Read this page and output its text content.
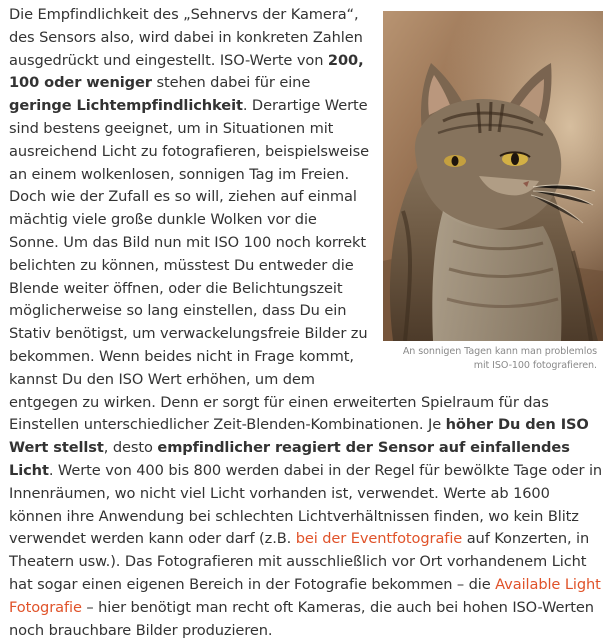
An sonnigen Tagen kann man problemlos
mit ISO-100 fotografieren.

Die Empfindlichkeit des „Sehnervs der Kamera“, des Sensors also, wird dabei in konkreten Zahlen ausgedrückt und eingestellt. ISO-Werte von 200, 100 oder weniger stehen dabei für eine geringe Lichtempfindlichkeit. Derartige Werte sind bestens geeignet, um in Situationen mit ausreichend Licht zu fotografieren, beispielsweise an einem wolkenlosen, sonnigen Tag im Freien. Doch wie der Zufall es so will, ziehen auf einmal mächtig viele große dunkle Wolken vor die Sonne. Um das Bild nun mit ISO 100 noch korrekt belichten zu können, müsstest Du entweder die Blende weiter öffnen, oder die Belichtungszeit möglicherweise so lang einstellen, dass Du ein Stativ benötigst, um verwackelungsfreie Bilder zu bekommen. Wenn beides nicht in Frage kommt, kannst Du den ISO Wert erhöhen, um dem entgegen zu wirken. Denn er sorgt für einen erweiterten Spielraum für das Einstellen unterschiedlicher Zeit-Blenden-Kombinationen. Je höher Du den ISO Wert stellst, desto empfindlicher reagiert der Sensor auf einfallendes Licht. Werte von 400 bis 800 werden dabei in der Regel für bewölkte Tage oder in Innenräumen, wo nicht viel Licht vorhanden ist, verwendet. Werte ab 1600 können ihre Anwendung bei schlechten Lichtverhältnissen finden, wo kein Blitz verwendet werden kann oder darf (z.B. bei der Eventfotografie auf Konzerten, in Theatern usw.). Das Fotografieren mit ausschließlich vor Ort vorhandenem Licht hat sogar einen eigenen Bereich in der Fotografie bekommen – die Available Light Fotografie – hier benötigt man recht oft Kameras, die auch bei hohen ISO-Werten noch brauchbare Bilder produzieren.
